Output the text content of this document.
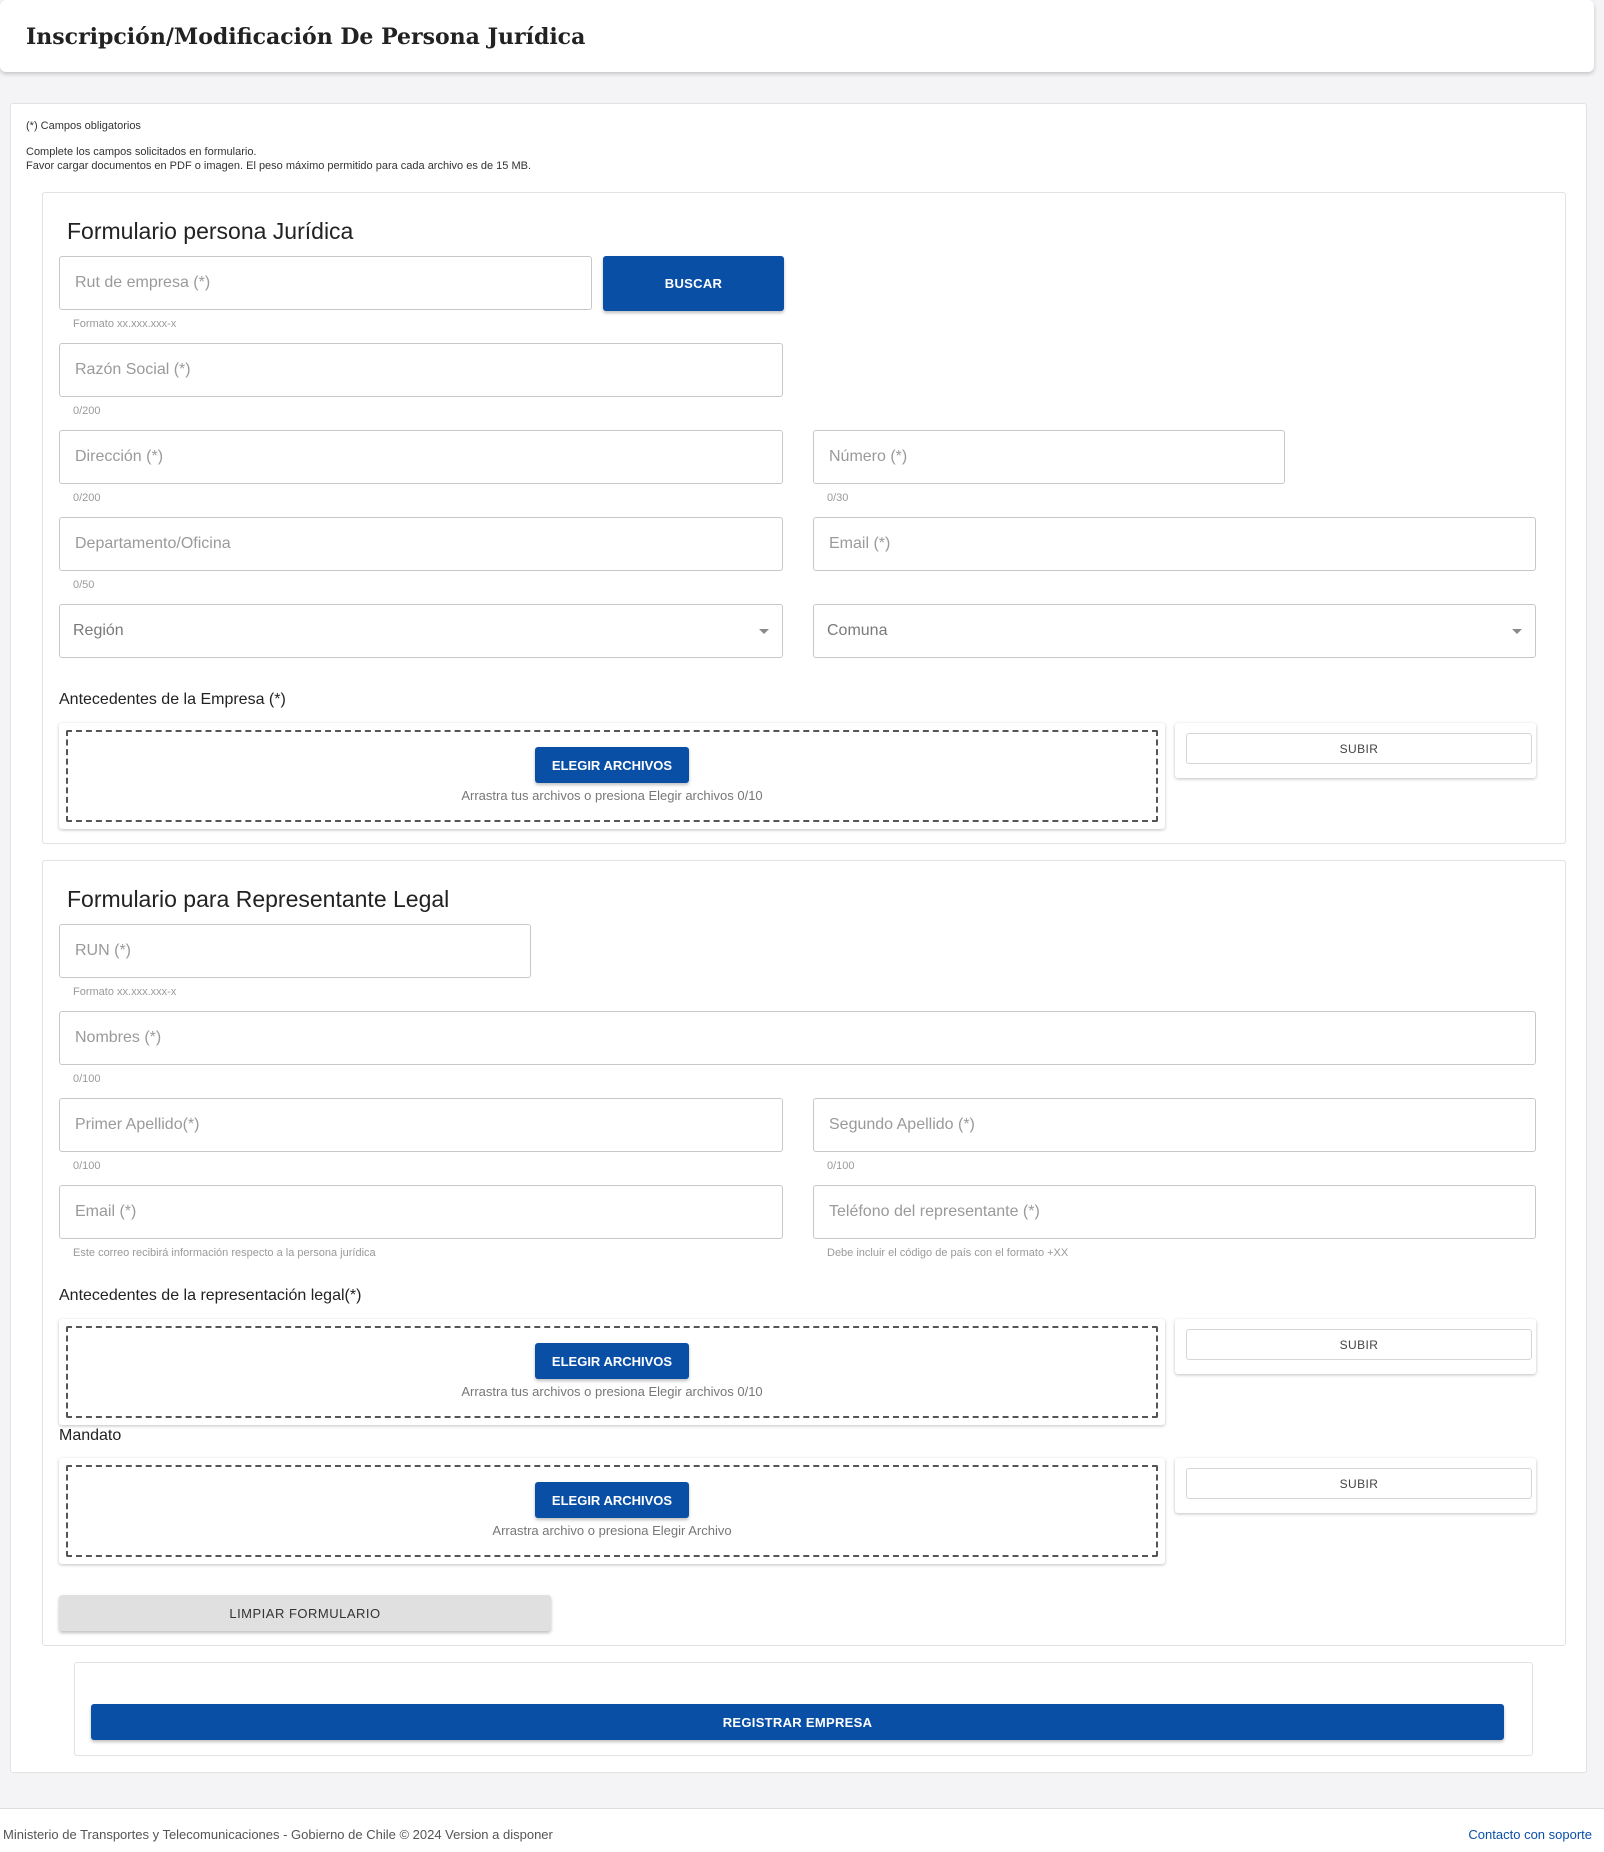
Inscripción/Modificación De Persona Jurídica
(*) Campos obligatorios
Complete los campos solicitados en formulario.
Favor cargar documentos en PDF o imagen. El peso máximo permitido para cada archivo es de 15 MB.
Formulario persona Jurídica
Rut de empresa (*)
BUSCAR
Formato xx.xxx.xxx-x
Razón Social (*)
0/200
Dirección (*)
0/200
Número (*)	0/30
Departamento/Oficina
0/50
Email (*)
Región	Comuna
Antecedentes de la Empresa (*)
ELEGIR ARCHIVOS
Arrastra tus archivos o presiona Elegir archivos 0/10
SUBIR
Formulario para Representante Legal
RUN (*)
Formato xx.xxx.xxx-x
Nombres (*)
0/100
Primer Apellido(*)
0/100
Segundo Apellido (*)	0/100
Email (*)
Este correo recibirá información respecto a la persona jurídica
Teléfono del representante (*)	Debe incluir el código de país con el formato +XX
Antecedentes de la representación legal(*)
ELEGIR ARCHIVOS
Arrastra tus archivos o presiona Elegir archivos 0/10
SUBIR
Mandato
ELEGIR ARCHIVOS
Arrastra archivo o presiona Elegir Archivo
SUBIR
LIMPIAR FORMULARIO
REGISTRAR EMPRESA
Ministerio de Transportes y Telecomunicaciones - Gobierno de Chile © 2024 Version a disponer	Contacto con soporte
